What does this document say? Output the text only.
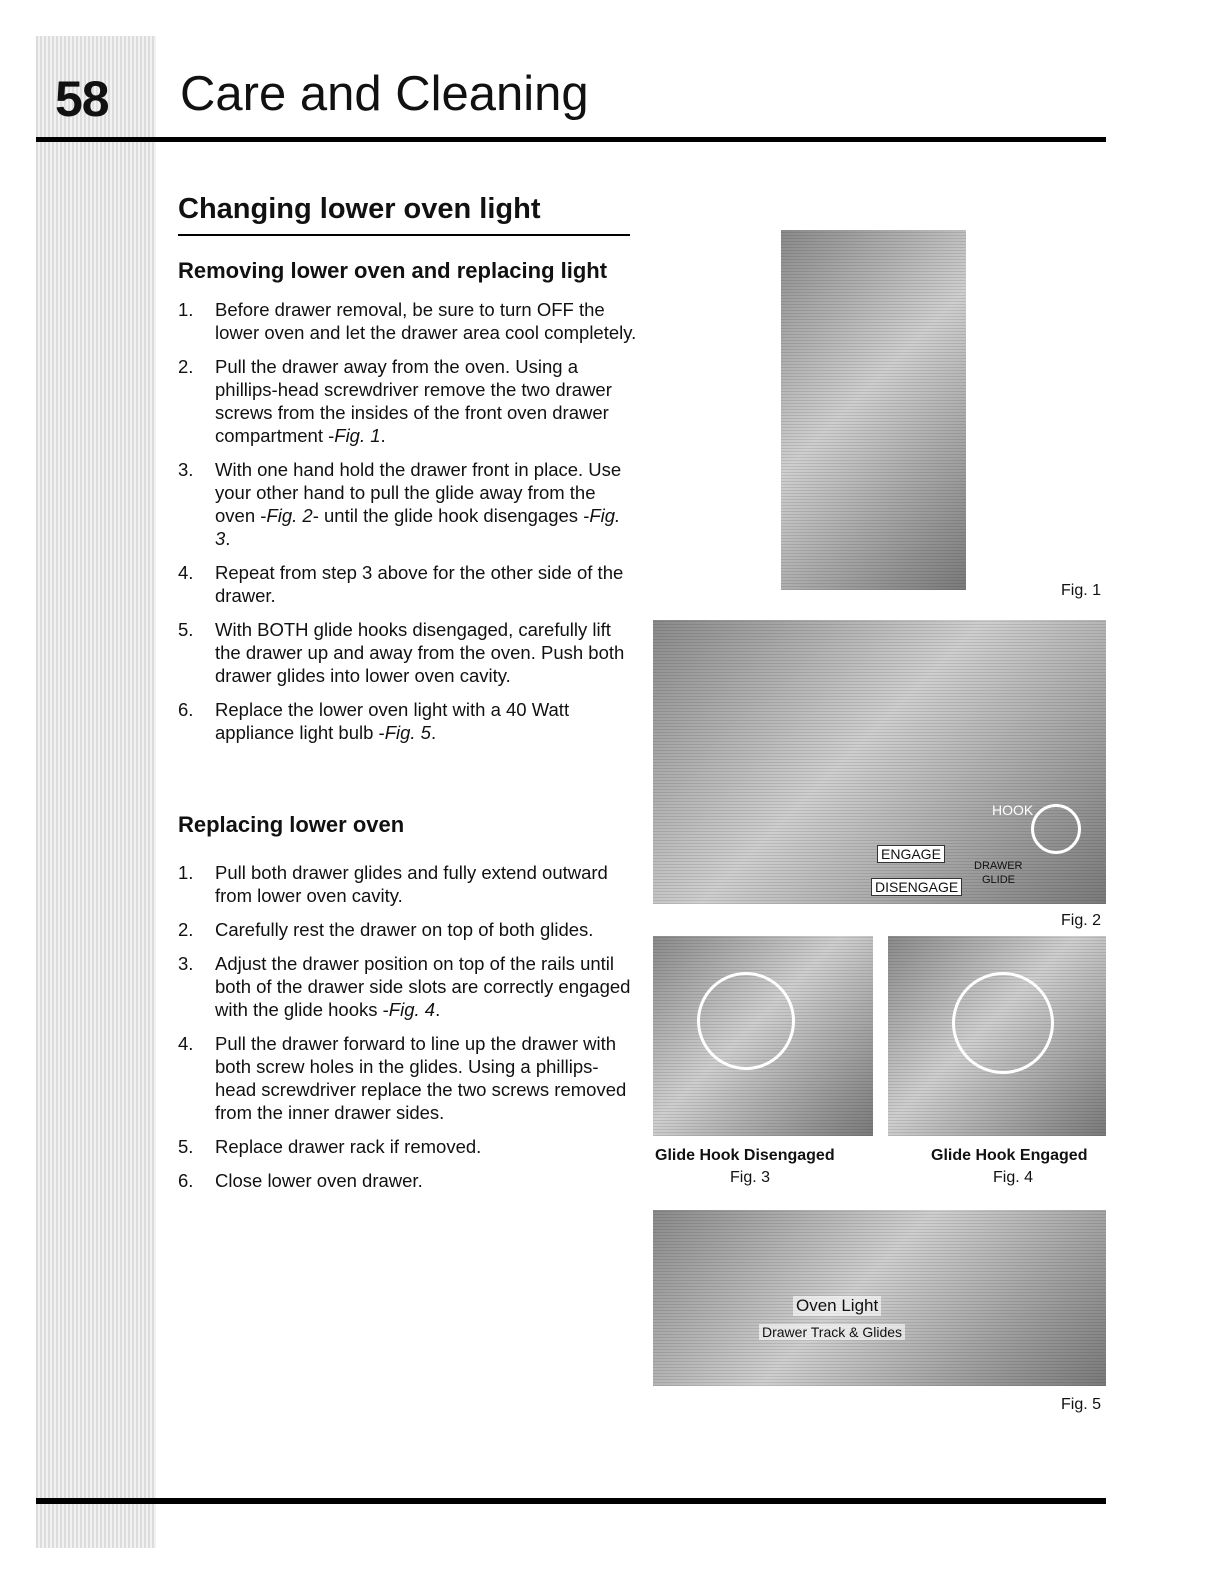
58 Care and Cleaning
Changing lower oven light
Removing lower oven and replacing light
1. Before drawer removal, be sure to turn OFF the lower oven and let the drawer area cool completely.
2. Pull the drawer away from the oven. Using a phillips-head screwdriver remove the two drawer screws from the insides of the front oven drawer compartment -Fig. 1.
3. With one hand hold the drawer front in place. Use your other hand to pull the glide away from the oven -Fig. 2- until the glide hook disengages -Fig. 3.
4. Repeat from step 3 above for the other side of the drawer.
5. With BOTH glide hooks disengaged, carefully lift the drawer up and away from the oven. Push both drawer glides into lower oven cavity.
6. Replace the lower oven light with a 40 Watt appliance light bulb -Fig. 5.
Replacing lower oven
1. Pull both drawer glides and fully extend outward from lower oven cavity.
2. Carefully rest the drawer on top of both glides.
3. Adjust the drawer position on top of the rails until both of the drawer side slots are correctly engaged with the glide hooks -Fig. 4.
4. Pull the drawer forward to line up the drawer with both screw holes in the glides. Using a phillips-head screwdriver replace the two screws removed from the inner drawer sides.
5. Replace drawer rack if removed.
6. Close lower oven drawer.
Fig. 1
HOOK
ENGAGE
DISENGAGE
DRAWER
GLIDE
Fig. 2
Glide Hook Disengaged
Fig. 3
Glide Hook Engaged
Fig. 4
Oven Light
Drawer Track & Glides
Fig. 5
